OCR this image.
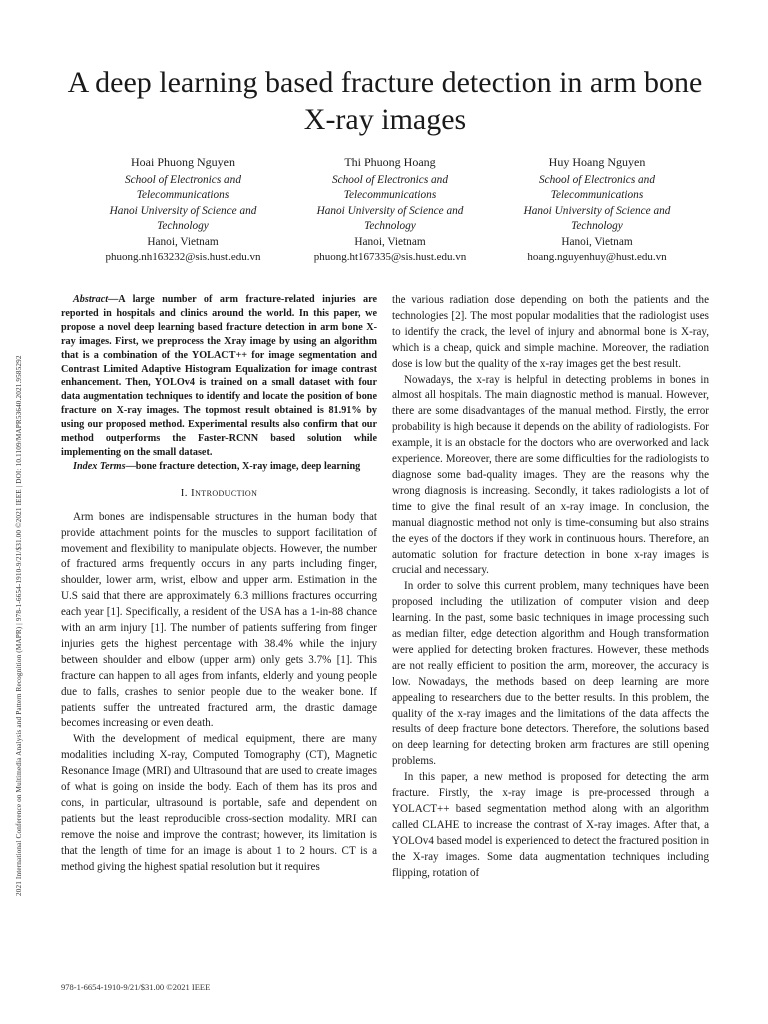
2021 International Conference on Multimedia Analysis and Pattern Recognition (MAPR) | 978-1-6654-1910-9/21/$31.00 ©2021 IEEE | DOI: 10.1109/MAPR53640.2021.9585292
A deep learning based fracture detection in arm bone X-ray images
Hoai Phuong Nguyen
School of Electronics and
Telecommunications
Hanoi University of Science and
Technology
Hanoi, Vietnam
phuong.nh163232@sis.hust.edu.vn
Thi Phuong Hoang
School of Electronics and
Telecommunications
Hanoi University of Science and
Technology
Hanoi, Vietnam
phuong.ht167335@sis.hust.edu.vn
Huy Hoang Nguyen
School of Electronics and
Telecommunications
Hanoi University of Science and
Technology
Hanoi, Vietnam
hoang.nguyenhuy@hust.edu.vn

Abstract—A large number of arm fracture-related injuries are reported in hospitals and clinics around the world. In this paper, we propose a novel deep learning based fracture detection in arm bone X-ray images. First, we preprocess the Xray image by using an algorithm that is a combination of the YOLACT++ for image segmentation and Contrast Limited Adaptive Histogram Equalization for image contrast enhancement. Then, YOLOv4 is trained on a small dataset with four data augmentation techniques to identify and locate the position of bone fracture on X-ray images. The topmost result obtained is 81.91% by using our proposed method. Experimental results also confirm that our method outperforms the Faster-RCNN based solution while implementing on the small dataset.

Index Terms—bone fracture detection, X-ray image, deep learning

I. Introduction

Arm bones are indispensable structures in the human body that provide attachment points for the muscles to support facilitation of movement and flexibility to manipulate objects. However, the number of fractured arms frequently occurs in any parts including finger, shoulder, lower arm, wrist, elbow and upper arm. Estimation in the U.S said that there are approximately 6.3 millions fractures occurring each year [1]. Specifically, a resident of the USA has a 1-in-88 chance with an arm injury [1]. The number of patients suffering from finger injuries gets the highest percentage with 38.4% while the injury between shoulder and elbow (upper arm) only gets 3.7% [1]. This fracture can happen to all ages from infants, elderly and young people due to falls, crashes to senior people due to the weaker bone. If patients suffer the untreated fractured arm, the drastic damage becomes increasing or even death.

With the development of medical equipment, there are many modalities including X-ray, Computed Tomography (CT), Magnetic Resonance Image (MRI) and Ultrasound that are used to create images of what is going on inside the body. Each of them has its pros and cons, in particular, ultrasound is portable, safe and dependent on patients but the least reproducible cross-section modality. MRI can remove the noise and improve the contrast; however, its limitation is that the length of time for an image is about 1 to 2 hours. CT is a method giving the highest spatial resolution but it requires

the various radiation dose depending on both the patients and the technologies [2]. The most popular modalities that the radiologist uses to identify the crack, the level of injury and abnormal bone is X-ray, which is a cheap, quick and simple machine. Moreover, the radiation dose is low but the quality of the x-ray images get the best result.

Nowadays, the x-ray is helpful in detecting problems in bones in almost all hospitals. The main diagnostic method is manual. However, there are some disadvantages of the manual method. Firstly, the error probability is high because it depends on the ability of radiologists. For example, it is an obstacle for the doctors who are overworked and lack experience. Moreover, there are some difficulties for the radiologists to diagnose some bad-quality images. They are the reasons why the wrong diagnosis is increasing. Secondly, it takes radiologists a lot of time to give the final result of an x-ray image. In conclusion, the manual diagnostic method not only is time-consuming but also strains the eyes of the doctors if they work in continuous hours. Therefore, an automatic solution for fracture detection in bone x-ray images is crucial and necessary.

In order to solve this current problem, many techniques have been proposed including the utilization of computer vision and deep learning. In the past, some basic techniques in image processing such as median filter, edge detection algorithm and Hough transformation were applied for detecting broken fractures. However, these methods are not really efficient to position the arm, moreover, the accuracy is low. Nowadays, the methods based on deep learning are more appealing to researchers due to the better results. In this problem, the quality of the x-ray images and the limitations of the data affects the results of deep fracture bone detectors. Therefore, the solutions based on deep learning for detecting broken arm fractures are still opening problems.

In this paper, a new method is proposed for detecting the arm fracture. Firstly, the x-ray image is pre-processed through a YOLACT++ based segmentation method along with an algorithm called CLAHE to increase the contrast of X-ray images. After that, a YOLOv4 based model is experienced to detect the fractured position in the X-ray images. Some data augmentation techniques including flipping, rotation of

978-1-6654-1910-9/21/$31.00 ©2021 IEEE
